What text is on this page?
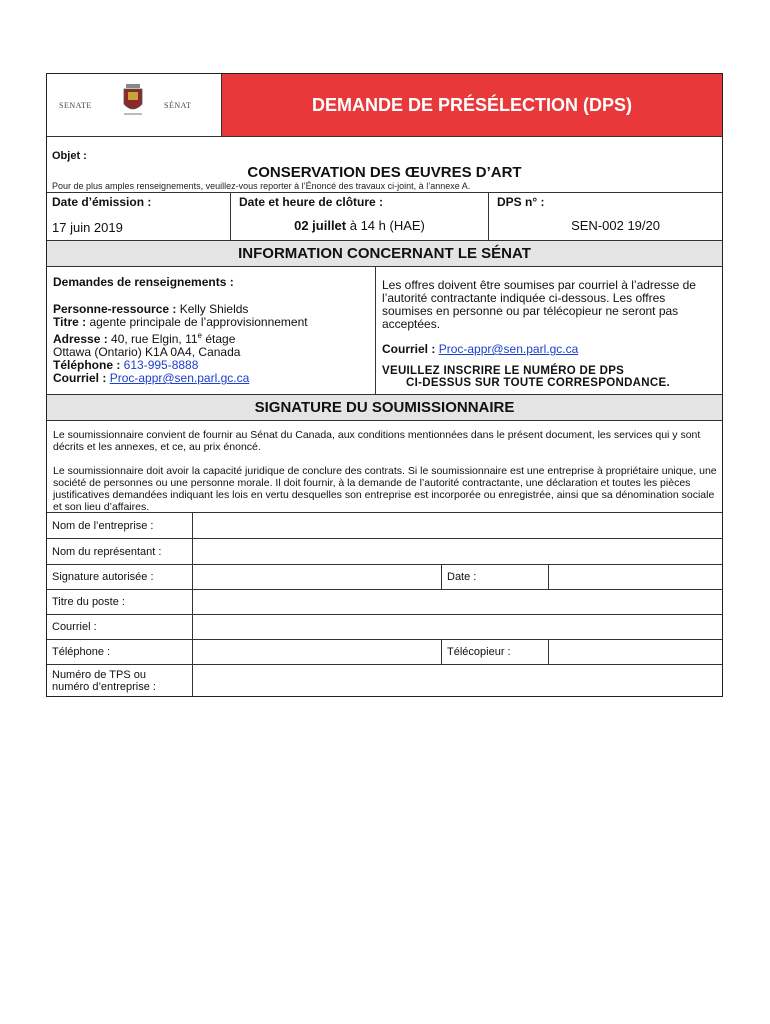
SENATE	SÉNAT	DEMANDE DE PRÉSÉLECTION (DPS)
Objet :
CONSERVATION DES ŒUVRES D’ART
Pour de plus amples renseignements, veuillez-vous reporter à l’Énoncé des travaux ci-joint, à l’annexe A.
Date d’émission :
17 juin 2019
Date et heure de clôture :
02 juillet à 14 h (HAE)
DPS n° :
SEN-002 19/20
INFORMATION CONCERNANT LE SÉNAT
Demandes de renseignements :
Personne-ressource : Kelly Shields
Titre : agente principale de l’approvisionnement
Adresse : 40, rue Elgin, 11e étage
Ottawa (Ontario) K1A 0A4, Canada
Téléphone : 613-995-8888
Courriel : Proc-appr@sen.parl.gc.ca
Les offres doivent être soumises par courriel à l’adresse de l’autorité contractante indiquée ci-dessous. Les offres soumises en personne ou par télécopieur ne seront pas acceptées.
Courriel : Proc-appr@sen.parl.gc.ca
VEUILLEZ INSCRIRE LE NUMÉRO DE DPS
CI-DESSUS SUR TOUTE CORRESPONDANCE.
SIGNATURE DU SOUMISSIONNAIRE
Le soumissionnaire convient de fournir au Sénat du Canada, aux conditions mentionnées dans le présent document, les services qui y sont décrits et les annexes, et ce, au prix énoncé.
Le soumissionnaire doit avoir la capacité juridique de conclure des contrats. Si le soumissionnaire est une entreprise à propriétaire unique, une société de personnes ou une personne morale. Il doit fournir, à la demande de l’autorité contractante, une déclaration et toutes les pièces justificatives demandées indiquant les lois en vertu desquelles son entreprise est incorporée ou enregistrée, ainsi que sa dénomination sociale et son lieu d’affaires.
Nom de l’entreprise :
Nom du représentant :
Signature autorisée :	Date :
Titre du poste :
Courriel :
Téléphone :	Télécopieur :
Numéro de TPS ou
numéro d’entreprise :
